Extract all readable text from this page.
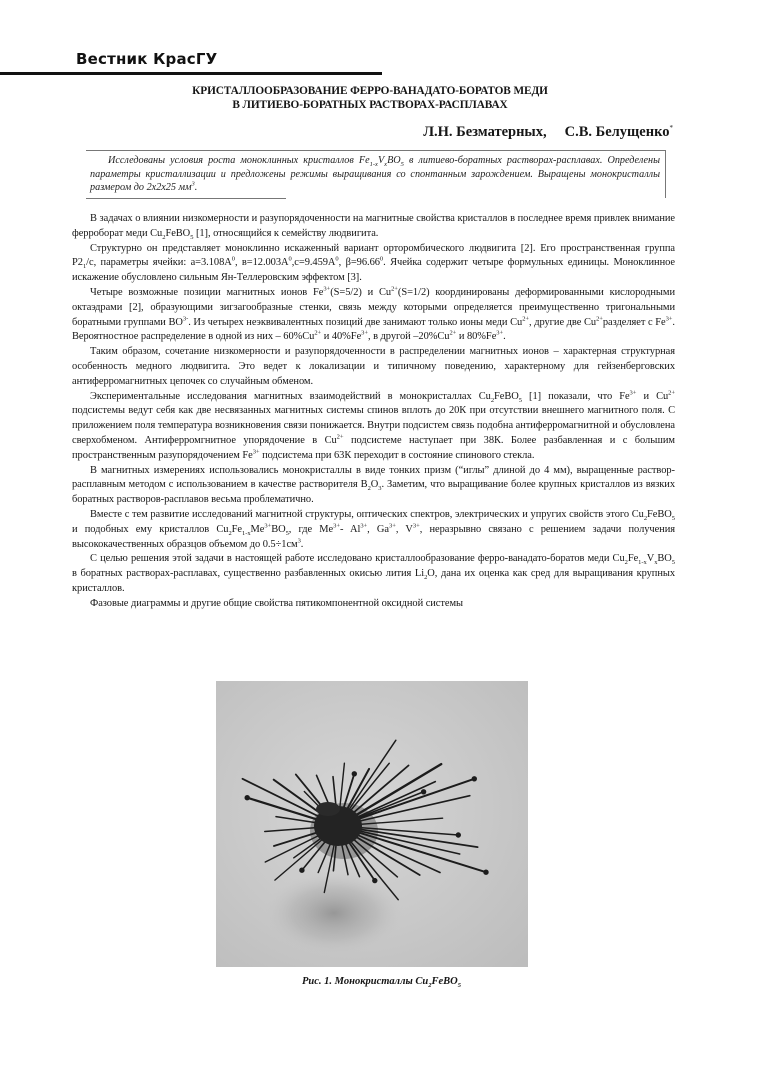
Вестник КрасГУ
КРИСТАЛЛООБРАЗОВАНИЕ ФЕРРО-ВАНАДАТО-БОРАТОВ МЕДИ
В ЛИТИЕВО-БОРАТНЫХ РАСТВОРАХ-РАСПЛАВАХ
Л.Н. Безматерных, С.В. Белущенко*

Исследованы условия роста моноклинных кристаллов $Fe_{1-x}V_xBO_5$ в литиево-боратных растворах-расплавах. Определены параметры кристаллизации и предложены режимы выращивания со спонтанным зарождением. Выращены монокристаллы размером до 2x2x25 $мм^3$.

В задачах о влиянии низкомерности и разупорядоченности на магнитные свойства кристаллов в последнее время привлек внимание ферроборат меди $Cu_2FeBO_5$ [1], относящийся к семейству людвигита.

Структурно он представляет моноклинно искаженный вариант орторомбического людвигита [2]. Его пространственная группа $P2_1/c$, параметры ячейки: $a=3.108A^0$, $в=12.003A^0,c=9.459A^0$, $\beta=96.66^0$. Ячейка содержит четыре формульных единицы. Моноклинное искажение обусловлено сильным Ян-Теллеровским эффектом [3].

Четыре возможные позиции магнитных ионов $Fe^{3+}(S=5/2)$ и $Cu^{2+}(S=1/2)$ координированы деформированными кислородными октаэдрами [2], образующими зигзагообразные стенки, связь между которыми определяется преимущественно тригональными боратными группами $BO^{3-}$. Из четырех неэквивалентных позиций две занимают только ионы меди $Cu^{2+}$, другие две $Cu^{2+}разделяет$ с $Fe^{3+}$. Вероятностное распределение в одной из них – $60\%Cu^{2+}$ и $40\%Fe^{3+}$, в другой $-20\%Cu^{2+}$ и $80\%Fe^{3+}$.

Таким образом, сочетание низкомерности и разупорядоченности в распределении магнитных ионов – характерная структурная особенность медного людвигита. Это ведет к локализации и типичному поведению, характерному для гейзенберговских антиферромагнитных цепочек со случайным обменом.

Экспериментальные исследования магнитных взаимодействий в монокристаллах $Cu_2FeBO_5$ [1] показали, что $Fe^{3+}$ и $Cu^{2+}$ подсистемы ведут себя как две несвязанных магнитных системы спинов вплоть до 20К при отсутствии внешнего магнитного поля. С приложением поля температура возникновения связи понижается. Внутри подсистем связь подобна антиферромагнитной и обусловлена сверхобменом. Антиферромгнитное упорядочение в $Cu^{2+}$ подсистеме наступает при 38К. Более разбавленная и с большим пространственным разупорядочением $Fe^{3+}$ подсистема при 63К переходит в состояние спинового стекла.

В магнитных измерениях использовались монокристаллы в виде тонких призм (“иглы” длиной до 4 мм), выращенные раствор-расплавным методом с использованием в качестве растворителя $B_2O_3$. Заметим, что выращивание более крупных кристаллов из вязких боратных растворов-расплавов весьма проблематично.

Вместе с тем развитие исследований магнитной структуры, оптических спектров, электрических и упругих свойств этого $Cu_2FeBO_5$ и подобных ему кристаллов $Cu_2Fe_{1-x}Me^{3+}BO_5$, где $Me^{3+}-$ $Al^{3+}$, $Ga^{3+}$, $V^{3+}$, неразрывно связано с решением задачи получения высококачественных образцов объемом до $0.5\div 1см^3$.

С целью решения этой задачи в настоящей работе исследовано кристаллообразование ферро-ванадато-боратов меди $Cu_2Fe_{1-x}V_xBO_5$ в боратных растворах-расплавах, существенно разбавленных окисью лития $Li_2O$, дана их оценка как сред для выращивания крупных кристаллов.

Фазовые диаграммы и другие общие свойства пятикомпонентной оксидной системы

Рис. 1. Монокристаллы $Cu_2FeBO_5$
